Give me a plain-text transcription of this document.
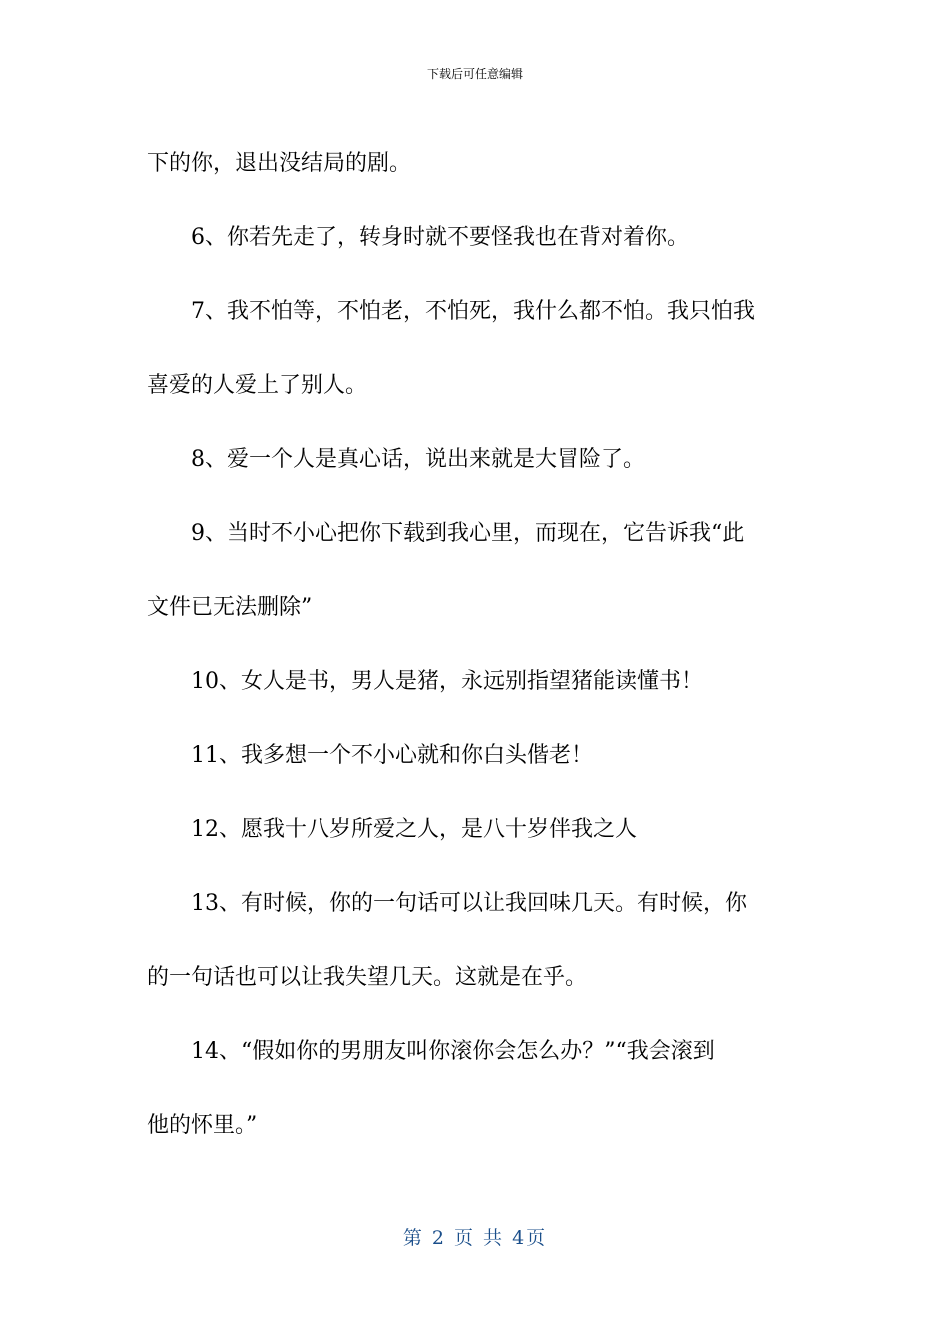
下载后可任意编辑
下的你，退出没结局的剧。
6、你若先走了，转身时就不要怪我也在背对着你。
7、我不怕等，不怕老，不怕死，我什么都不怕。我只怕我
喜爱的人爱上了别人。
8、爱一个人是真心话，说出来就是大冒险了。
9、当时不小心把你下载到我心里，而现在，它告诉我“此
文件已无法删除”
10、女人是书，男人是猪，永远别指望猪能读懂书！
11、我多想一个不小心就和你白头偕老！
12、愿我十八岁所爱之人，是八十岁伴我之人
13、有时候，你的一句话可以让我回味几天。有时候，你
的一句话也可以让我失望几天。这就是在乎。
14、“假如你的男朋友叫你滚你会怎么办？”“我会滚到
他的怀里。”
第 2 页 共 4页
